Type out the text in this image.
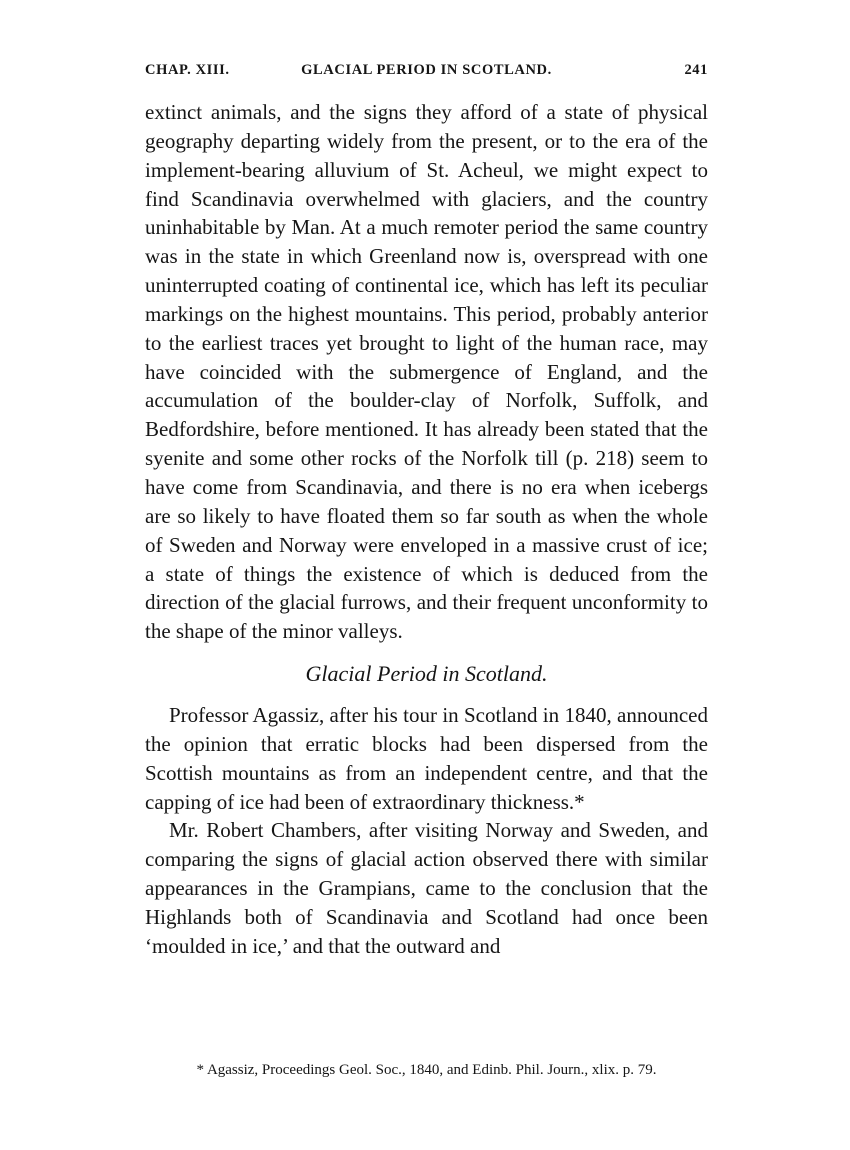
CHAP. XIII.	GLACIAL PERIOD IN SCOTLAND.	241

extinct animals, and the signs they afford of a state of physical geography departing widely from the present, or to the era of the implement-bearing alluvium of St. Acheul, we might expect to find Scandinavia overwhelmed with glaciers, and the country uninhabitable by Man. At a much remoter period the same country was in the state in which Greenland now is, overspread with one uninterrupted coating of continental ice, which has left its peculiar markings on the highest mountains. This period, probably anterior to the earliest traces yet brought to light of the human race, may have coincided with the submergence of England, and the accumulation of the boulder-clay of Norfolk, Suffolk, and Bedfordshire, before mentioned. It has already been stated that the syenite and some other rocks of the Norfolk till (p. 218) seem to have come from Scandinavia, and there is no era when icebergs are so likely to have floated them so far south as when the whole of Sweden and Norway were enveloped in a massive crust of ice; a state of things the existence of which is deduced from the direction of the glacial furrows, and their frequent unconformity to the shape of the minor valleys.

Glacial Period in Scotland.

Professor Agassiz, after his tour in Scotland in 1840, announced the opinion that erratic blocks had been dispersed from the Scottish mountains as from an independent centre, and that the capping of ice had been of extraordinary thickness.*

Mr. Robert Chambers, after visiting Norway and Sweden, and comparing the signs of glacial action observed there with similar appearances in the Grampians, came to the conclusion that the Highlands both of Scandinavia and Scotland had once been ‘moulded in ice,’ and that the outward and

* Agassiz, Proceedings Geol. Soc., 1840, and Edinb. Phil. Journ., xlix. p. 79.
